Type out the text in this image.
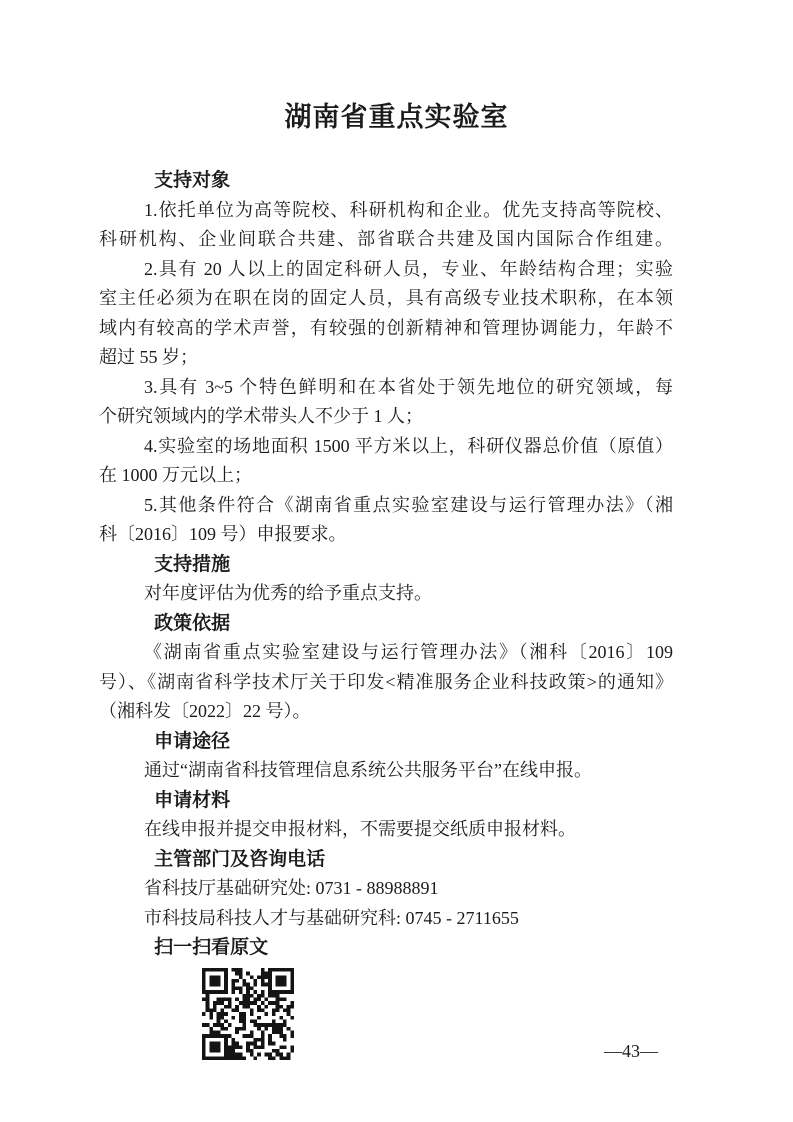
湖南省重点实验室
支持对象
1.依托单位为高等院校、科研机构和企业。优先支持高等院校、
科研机构、企业间联合共建、部省联合共建及国内国际合作组建。
2.具有 20 人以上的固定科研人员，专业、年龄结构合理；实验
室主任必须为在职在岗的固定人员，具有高级专业技术职称，在本领
域内有较高的学术声誉，有较强的创新精神和管理协调能力，年龄不
超过 55 岁；
3.具有 3~5 个特色鲜明和在本省处于领先地位的研究领域，每
个研究领域内的学术带头人不少于 1 人；
4.实验室的场地面积 1500 平方米以上，科研仪器总价值（原值）
在 1000 万元以上；
5.其他条件符合《湖南省重点实验室建设与运行管理办法》（湘
科〔2016〕109 号）申报要求。
支持措施
对年度评估为优秀的给予重点支持。
政策依据
《湖南省重点实验室建设与运行管理办法》（湘科〔2016〕109
号）、《湖南省科学技术厅关于印发<精准服务企业科技政策>的通知》
（湘科发〔2022〕22 号）。
申请途径
通过“湖南省科技管理信息系统公共服务平台”在线申报。
申请材料
在线申报并提交申报材料，不需要提交纸质申报材料。
主管部门及咨询电话
省科技厅基础研究处: 0731 - 88988891
市科技局科技人才与基础研究科: 0745 - 2711655
扫一扫看原文
—43—
